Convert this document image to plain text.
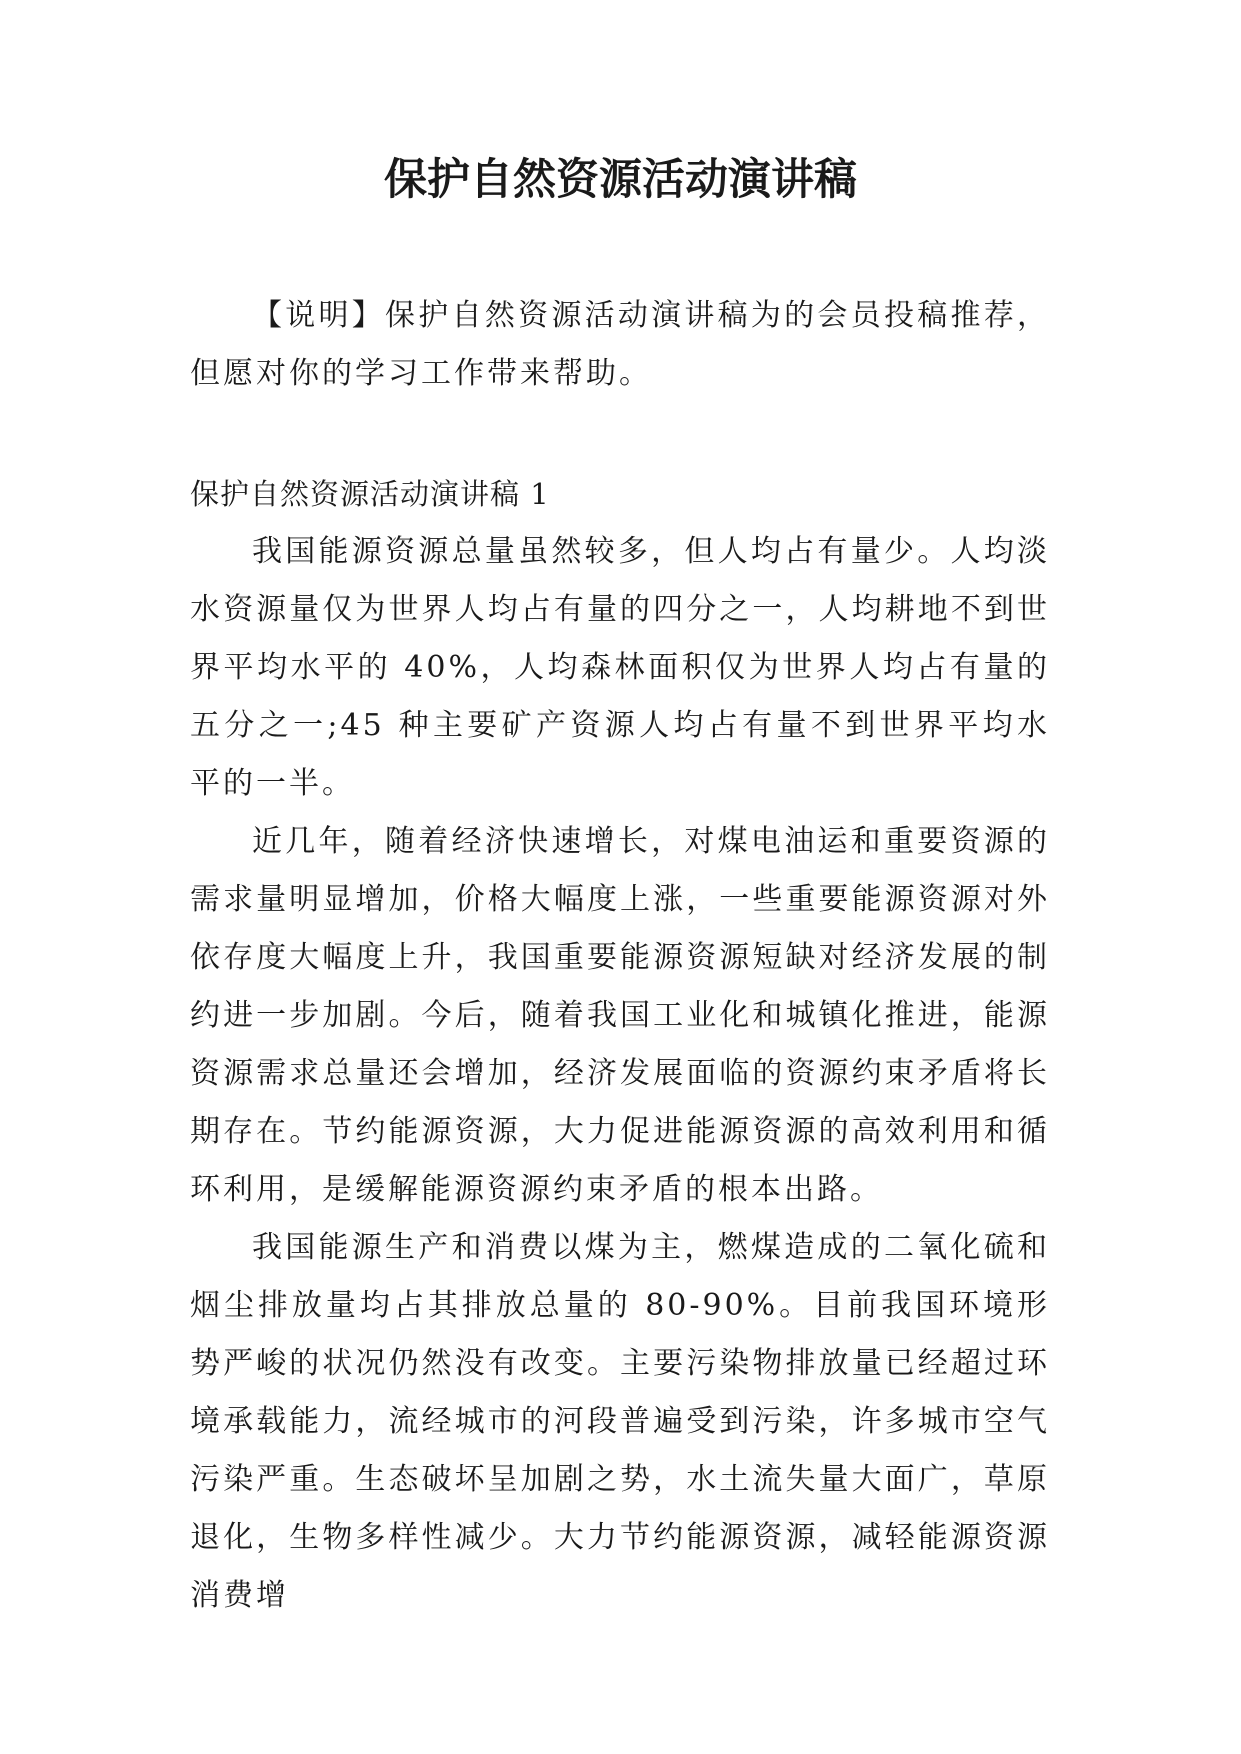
保护自然资源活动演讲稿

【说明】保护自然资源活动演讲稿为的会员投稿推荐，但愿对你的学习工作带来帮助。

保护自然资源活动演讲稿 1

我国能源资源总量虽然较多，但人均占有量少。人均淡水资源量仅为世界人均占有量的四分之一，人均耕地不到世界平均水平的 40%，人均森林面积仅为世界人均占有量的五分之一;45 种主要矿产资源人均占有量不到世界平均水平的一半。

近几年，随着经济快速增长，对煤电油运和重要资源的需求量明显增加，价格大幅度上涨，一些重要能源资源对外依存度大幅度上升，我国重要能源资源短缺对经济发展的制约进一步加剧。今后，随着我国工业化和城镇化推进，能源资源需求总量还会增加，经济发展面临的资源约束矛盾将长期存在。节约能源资源，大力促进能源资源的高效利用和循环利用，是缓解能源资源约束矛盾的根本出路。

我国能源生产和消费以煤为主，燃煤造成的二氧化硫和烟尘排放量均占其排放总量的 80-90%。目前我国环境形势严峻的状况仍然没有改变。主要污染物排放量已经超过环境承载能力，流经城市的河段普遍受到污染，许多城市空气污染严重。生态破坏呈加剧之势，水土流失量大面广，草原退化，生物多样性减少。大力节约能源资源，减轻能源资源消费增
